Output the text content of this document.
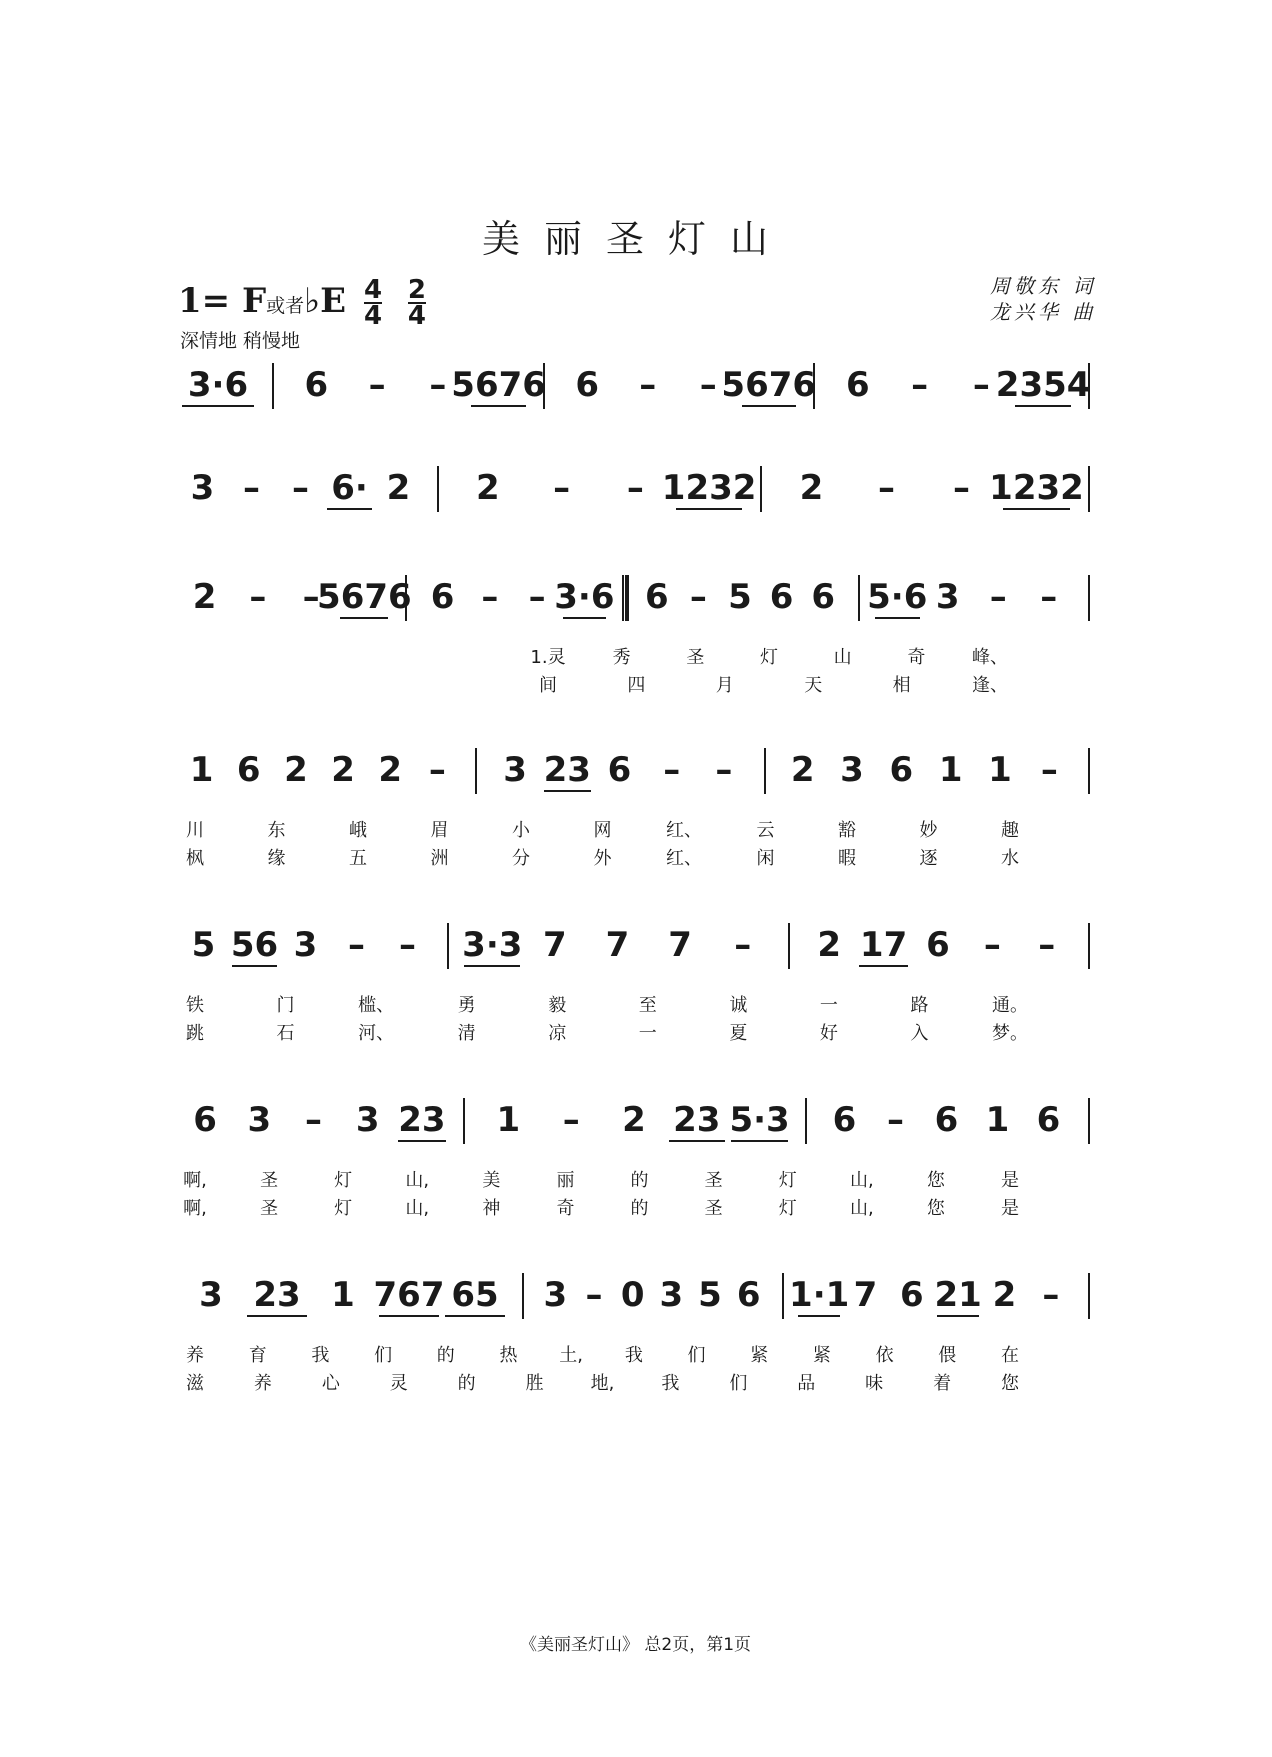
美丽圣灯山
周敬东 词
龙兴华 曲
1= F或者♭E $\frac{4}{4}$
$\frac{2}{4}$
深情地 稍慢地
3·6 6 – – 5676 6 – – 5676 6 – – 2354
3 – – 6· 2 2 – – 1232 2 – – 1232
2 – –
5676 6 – – 3·6 6 – 5 6 6 5·6 3 – –
1.灵	秀	圣	灯	山	奇	峰、
间	四	月	天	相	逢、
1 6 2 2 2 – 3 23 6 – – 2 3 6 1 1 –
川	东	峨	眉	小	网	红、	云	豁	妙	趣
枫	缘	五	洲	分	外	红、	闲	暇	逐	水
5 56 3 – – 3·3 7 7 7 – 2 17 6 – –
铁	门	槛、	勇	毅	至	诚	一	路	通。
跳	石	河、	清	凉	一	夏	好	入	梦。
6 3 – 3 23 1 – 2 23 5·3 6 – 6 1 6
啊,	圣	灯	山,	美	丽	的	圣	灯	山,	您	是
啊,	圣	灯	山,	神	奇	的	圣	灯	山,	您	是
3 23 1 767 65 3 – 0 3 5 6 1·1 7 6 21 2 –
养 育 我 们 的 热 土, 我 们 紧 紧 依 偎 在
滋	养	心	灵	的	胜	地,	我	们	品	味	着	您
《美丽圣灯山》 总2页，第1页
